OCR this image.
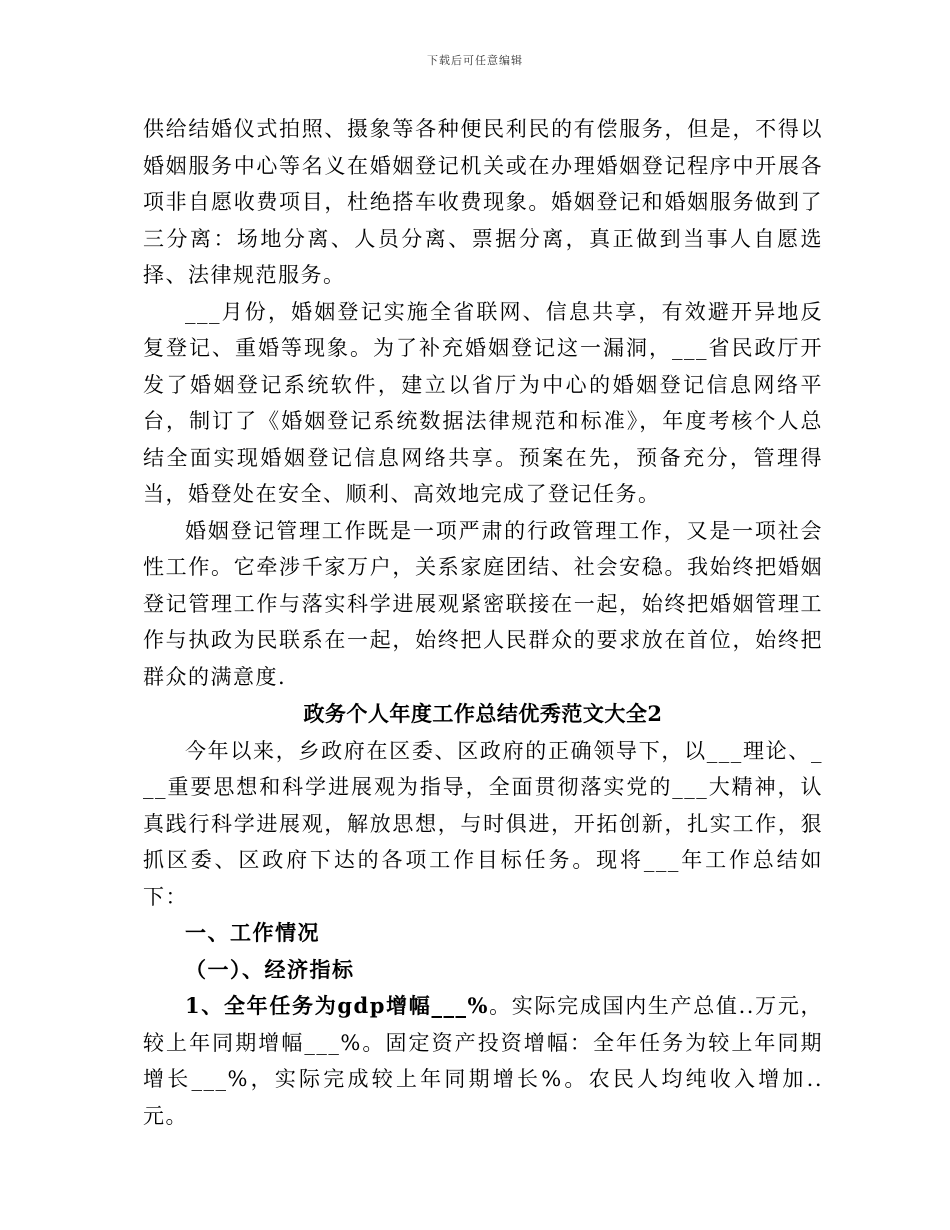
下载后可任意编辑

供给结婚仪式拍照、摄象等各种便民利民的有偿服务，但是，不得以婚姻服务中心等名义在婚姻登记机关或在办理婚姻登记程序中开展各项非自愿收费项目，杜绝搭车收费现象。婚姻登记和婚姻服务做到了三分离：场地分离、人员分离、票据分离，真正做到当事人自愿选择、法律规范服务。

___月份，婚姻登记实施全省联网、信息共享，有效避开异地反复登记、重婚等现象。为了补充婚姻登记这一漏洞，___省民政厅开发了婚姻登记系统软件，建立以省厅为中心的婚姻登记信息网络平台，制订了《婚姻登记系统数据法律规范和标准》，年度考核个人总结全面实现婚姻登记信息网络共享。预案在先，预备充分，管理得当，婚登处在安全、顺利、高效地完成了登记任务。

婚姻登记管理工作既是一项严肃的行政管理工作，又是一项社会性工作。它牵涉千家万户，关系家庭团结、社会安稳。我始终把婚姻登记管理工作与落实科学进展观紧密联接在一起，始终把婚姻管理工作与执政为民联系在一起，始终把人民群众的要求放在首位，始终把群众的满意度.

政务个人年度工作总结优秀范文大全2

今年以来，乡政府在区委、区政府的正确领导下，以___理论、___重要思想和科学进展观为指导，全面贯彻落实党的___大精神，认真践行科学进展观，解放思想，与时俱进，开拓创新，扎实工作，狠抓区委、区政府下达的各项工作目标任务。现将___年工作总结如下：

一、工作情况

（一）、经济指标

1、全年任务为gdp增幅___%。实际完成国内生产总值..万元，较上年同期增幅___%。固定资产投资增幅：全年任务为较上年同期增长___%，实际完成较上年同期增长%。农民人均纯收入增加..元。
